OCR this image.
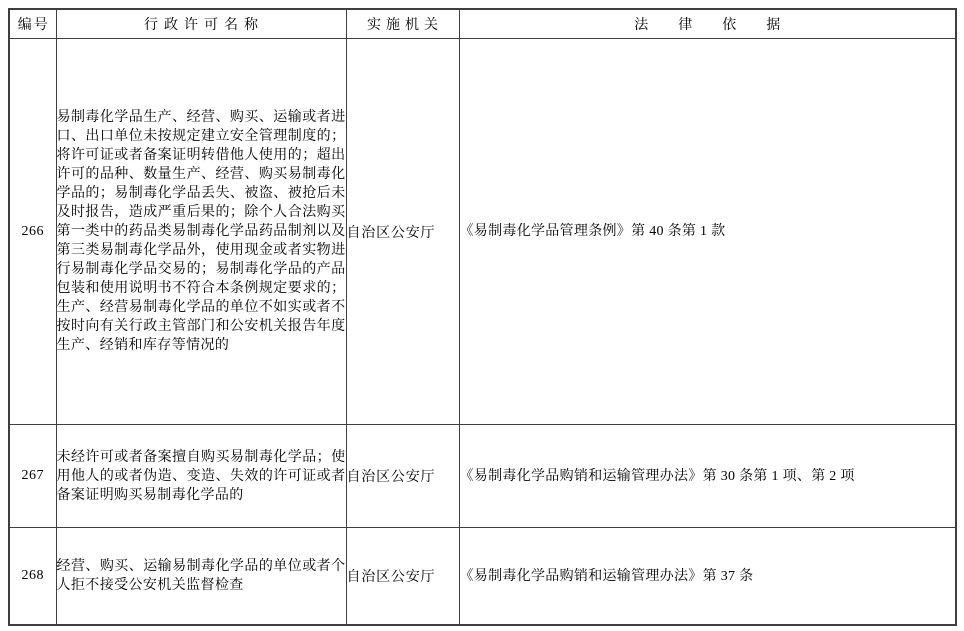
编号	行政许可名称	实施机关	法律依据
266	易制毒化学品生产、经营、购买、运输或者进口、出口单位未按规定建立安全管理制度的；将许可证或者备案证明转借他人使用的；超出许可的品种、数量生产、经营、购买易制毒化学品的；易制毒化学品丢失、被盗、被抢后未及时报告，造成严重后果的；除个人合法购买第一类中的药品类易制毒化学品药品制剂以及第三类易制毒化学品外，使用现金或者实物进行易制毒化学品交易的；易制毒化学品的产品包装和使用说明书不符合本条例规定要求的；生产、经营易制毒化学品的单位不如实或者不按时向有关行政主管部门和公安机关报告年度生产、经销和库存等情况的	自治区公安厅	《易制毒化学品管理条例》第 40 条第 1 款
267	未经许可或者备案擅自购买易制毒化学品；使用他人的或者伪造、变造、失效的许可证或者备案证明购买易制毒化学品的	自治区公安厅	《易制毒化学品购销和运输管理办法》第 30 条第 1 项、第 2 项
268	经营、购买、运输易制毒化学品的单位或者个人拒不接受公安机关监督检查	自治区公安厅	《易制毒化学品购销和运输管理办法》第 37 条
